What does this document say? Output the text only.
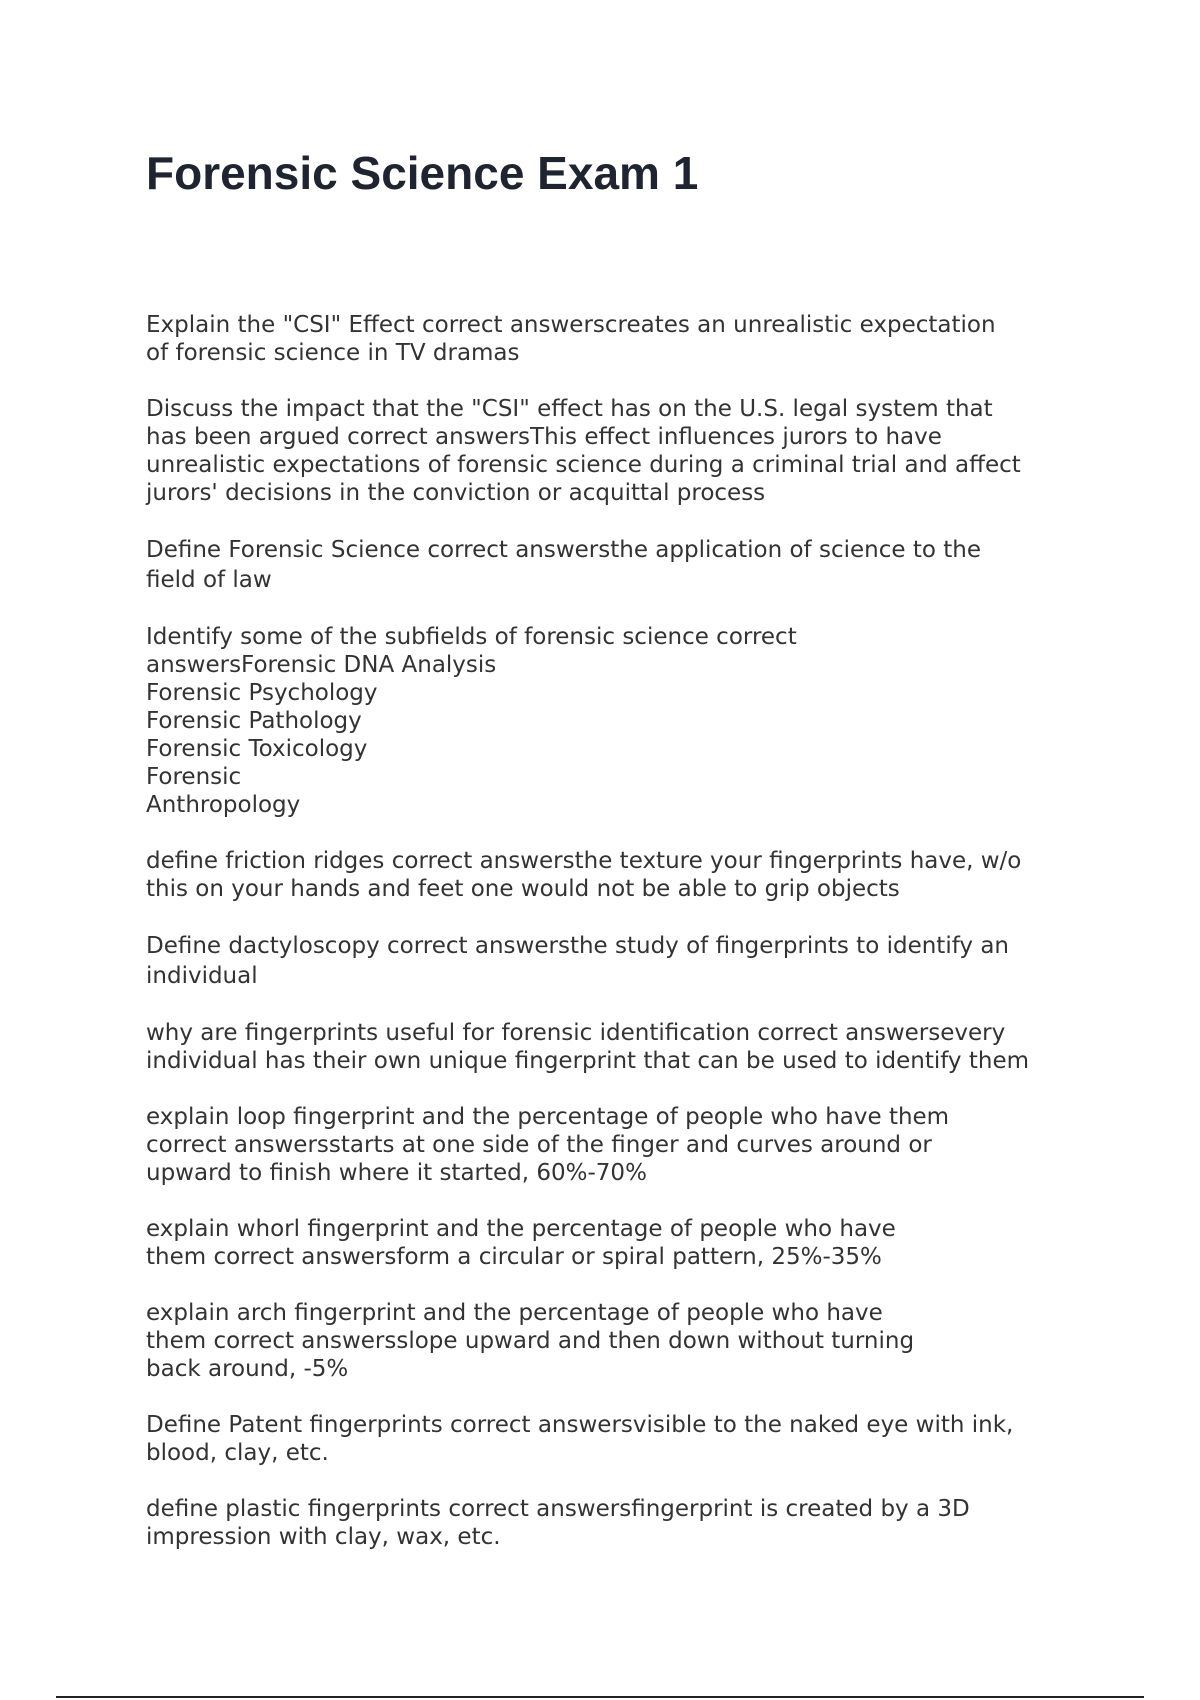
Forensic Science Exam 1
Explain the "CSI" Effect correct answerscreates an unrealistic expectation
of forensic science in TV dramas
Discuss the impact that the "CSI" effect has on the U.S. legal system that
has been argued correct answersThis effect influences jurors to have
unrealistic expectations of forensic science during a criminal trial and affect
jurors' decisions in the conviction or acquittal process
Define Forensic Science correct answersthe application of science to the
field of law
Identify some of the subfields of forensic science correct
answersForensic DNA Analysis
Forensic Psychology
Forensic Pathology
Forensic Toxicology
Forensic
Anthropology
define friction ridges correct answersthe texture your fingerprints have, w/o
this on your hands and feet one would not be able to grip objects
Define dactyloscopy correct answersthe study of fingerprints to identify an
individual
why are fingerprints useful for forensic identification correct answersevery
individual has their own unique fingerprint that can be used to identify them
explain loop fingerprint and the percentage of people who have them
correct answersstarts at one side of the finger and curves around or
upward to finish where it started, 60%-70%
explain whorl fingerprint and the percentage of people who have
them correct answersform a circular or spiral pattern, 25%-35%
explain arch fingerprint and the percentage of people who have
them correct answersslope upward and then down without turning
back around, -5%
Define Patent fingerprints correct answersvisible to the naked eye with ink,
blood, clay, etc.
define plastic fingerprints correct answersfingerprint is created by a 3D
impression with clay, wax, etc.
